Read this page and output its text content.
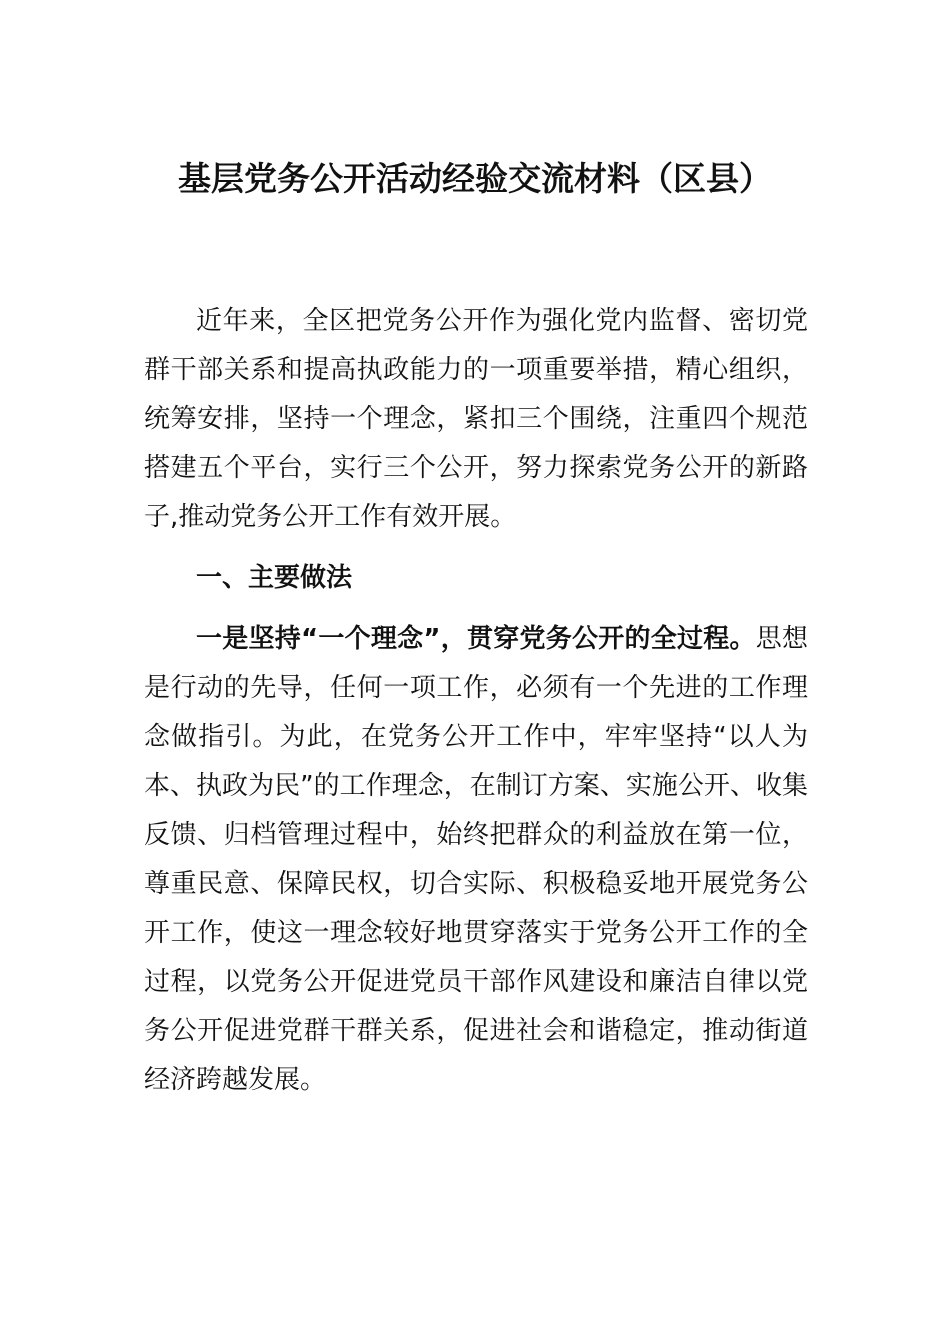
基层党务公开活动经验交流材料（区县）

近年来，全区把党务公开作为强化党内监督、密切党群干部关系和提高执政能力的一项重要举措，精心组织，统筹安排，坚持一个理念，紧扣三个围绕，注重四个规范搭建五个平台，实行三个公开，努力探索党务公开的新路子,推动党务公开工作有效开展。

一、主要做法

一是坚持“一个理念”，贯穿党务公开的全过程。思想是行动的先导，任何一项工作，必须有一个先进的工作理念做指引。为此，在党务公开工作中，牢牢坚持“以人为本、执政为民”的工作理念，在制订方案、实施公开、收集反馈、归档管理过程中，始终把群众的利益放在第一位，尊重民意、保障民权，切合实际、积极稳妥地开展党务公开工作，使这一理念较好地贯穿落实于党务公开工作的全过程，以党务公开促进党员干部作风建设和廉洁自律以党务公开促进党群干群关系，促进社会和谐稳定，推动街道经济跨越发展。
